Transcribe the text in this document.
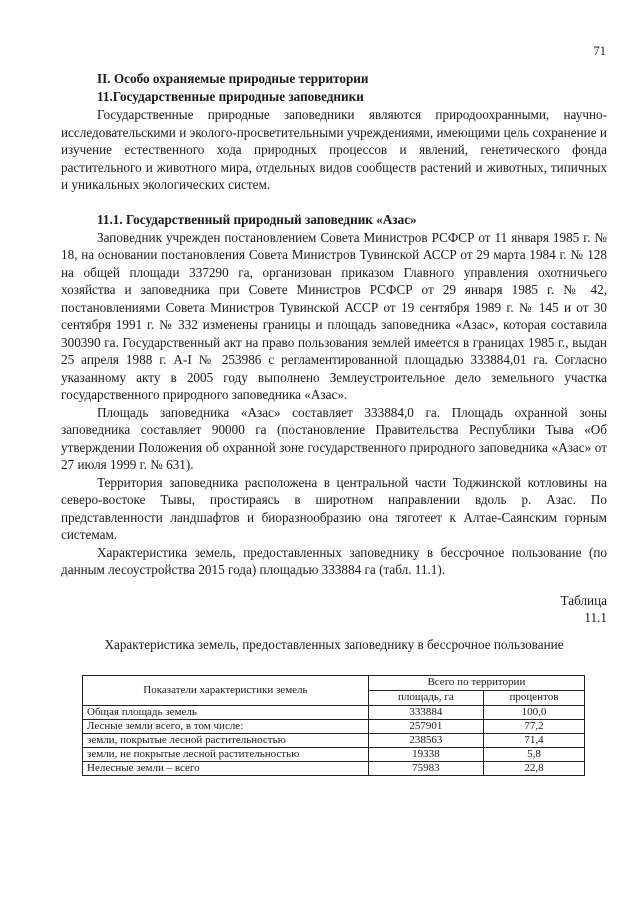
71
II. Особо охраняемые природные территории
11.Государственные природные заповедники

Государственные природные заповедники являются природоохранными, научно-исследовательскими и эколого-просветительными учреждениями, имеющими цель сохранение и изучение естественного хода природных процессов и явлений, генетического фонда растительного и животного мира, отдельных видов сообществ растений и животных, типичных и уникальных экологических систем.

11.1. Государственный природный заповедник «Азас»

Заповедник учрежден постановлением Совета Министров РСФСР от 11 января 1985 г. № 18, на основании постановления Совета Министров Тувинской АССР от 29 марта 1984 г. № 128 на общей площади 337290 га, организован приказом Главного управления охотничьего хозяйства и заповедника при Совете Министров РСФСР от 29 января 1985 г. № 42, постановлениями Совета Министров Тувинской АССР от 19 сентября 1989 г. № 145 и от 30 сентября 1991 г. № 332 изменены границы и площадь заповедника «Азас», которая составила 300390 га. Государственный акт на право пользования землей имеется в границах 1985 г., выдан 25 апреля 1988 г. А-I № 253986 с регламентированной площадью 333884,01 га. Согласно указанному акту в 2005 году выполнено Землеустроительное дело земельного участка государственного природного заповедника «Азас».

Площадь заповедника «Азас» составляет 333884,0 га. Площадь охранной зоны заповедника составляет 90000 га (постановление Правительства Республики Тыва «Об утверждении Положения об охранной зоне государственного природного заповедника «Азас» от 27 июля 1999 г. № 631).

Территория заповедника расположена в центральной части Тоджинской котловины на северо-востоке Тывы, простираясь в широтном направлении вдоль р. Азас. По представленности ландшафтов и биоразнообразию она тяготеет к Алтае-Саянским горным системам.

Характеристика земель, предоставленных заповеднику в бессрочное пользование (по данным лесоустройства 2015 года) площадью 333884 га (табл. 11.1).

Таблица
11.1
Характеристика земель, предоставленных заповеднику в бессрочное пользование
Показатели характеристики земель	Всего по территории	
	площадь, га	процентов
Общая площадь земель	333884	100,0
Лесные земли всего, в том числе:	257901	77,2
земли, покрытые лесной растительностью	238563	71,4
земли, не покрытые лесной растительностью	19338	5,8
Нелесные земли – всего	75983	22,8
